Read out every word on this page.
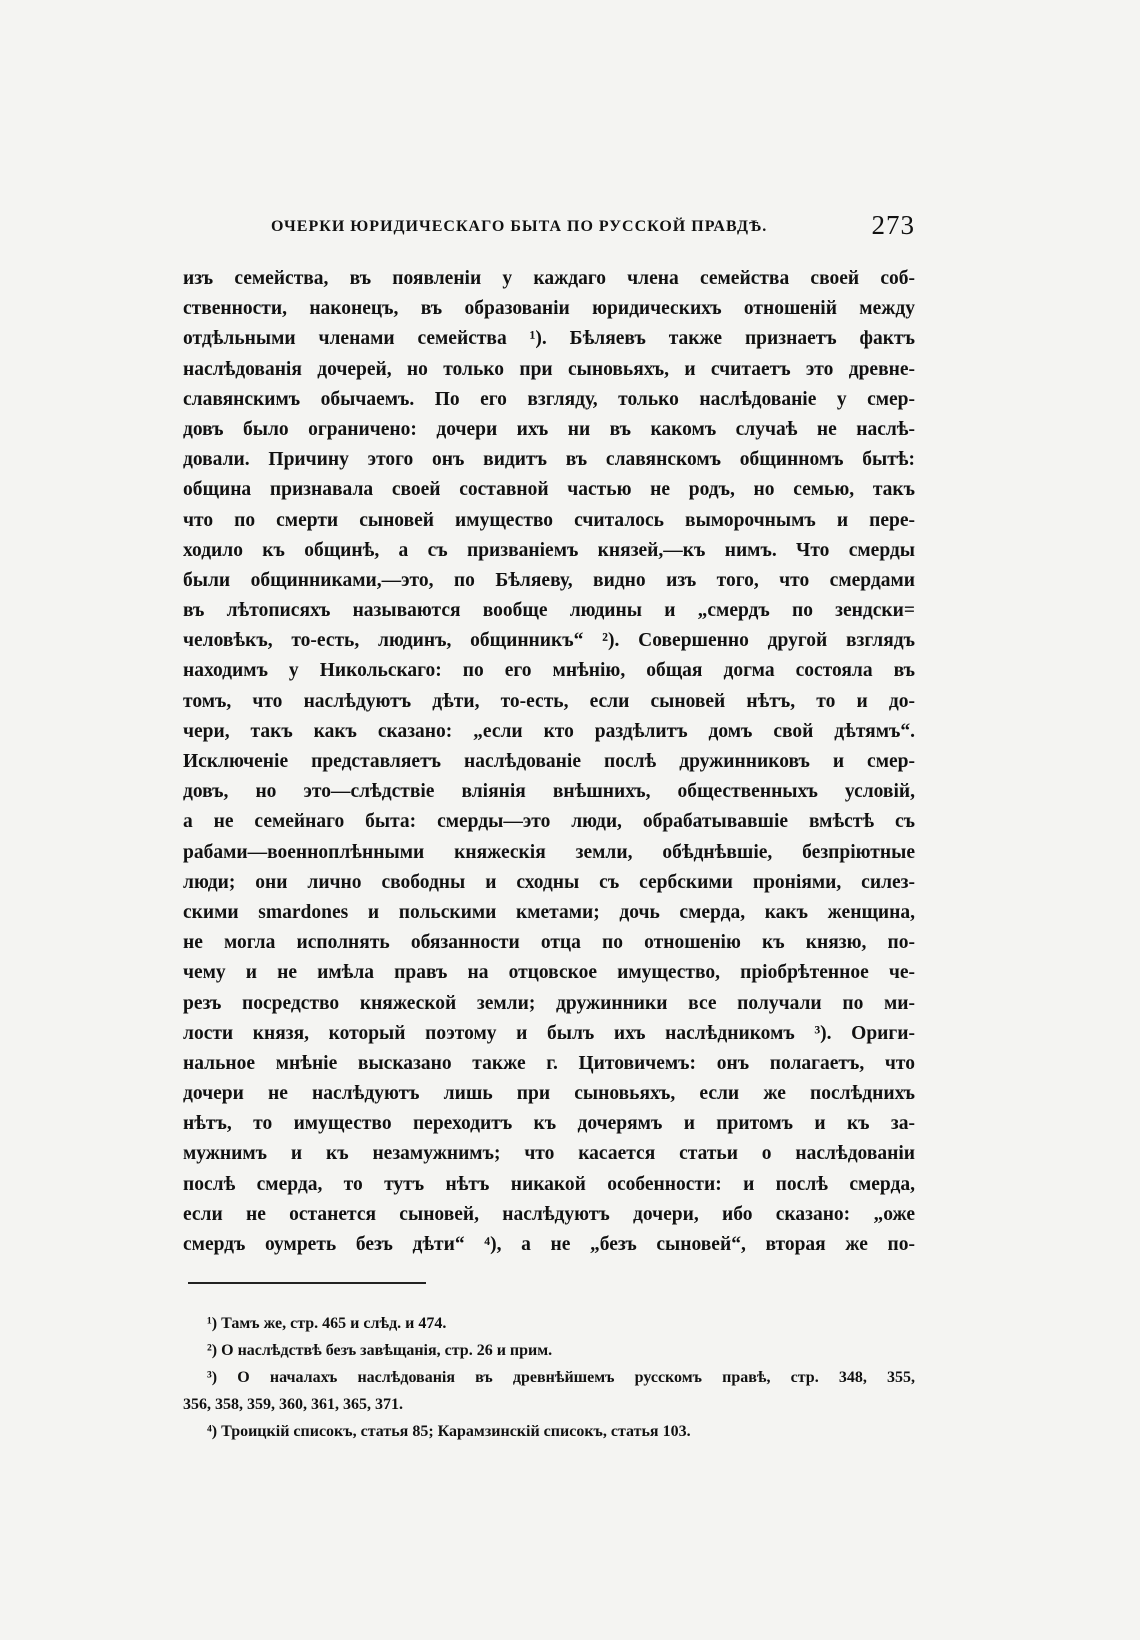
ОЧЕРКИ ЮРИДИЧЕСКАГО БЫТА ПО РУССКОЙ ПРАВДѢ.	273
изъ семейства, въ появленіи у каждаго члена семейства своей соб-
ственности, наконецъ, въ образованіи юридическихъ отношеній между
отдѣльными членами семейства ¹). Бѣляевъ также признаетъ фактъ
наслѣдованія дочерей, но только при сыновьяхъ, и считаетъ это древне-
славянскимъ обычаемъ. По его взгляду, только наслѣдованіе у смер-
довъ было ограничено: дочери ихъ ни въ какомъ случаѣ не наслѣ-
довали. Причину этого онъ видитъ въ славянскомъ общинномъ бытѣ:
община признавала своей составной частью не родъ, но семью, такъ
что по смерти сыновей имущество считалось выморочнымъ и пере-
ходило къ общинѣ, а съ призваніемъ князей,—къ нимъ. Что смерды
были общинниками,—это, по Бѣляеву, видно изъ того, что смердами
въ лѣтописяхъ называются вообще людины и „смердъ по зендски=
человѣкъ, то-есть, людинъ, общинникъ“ ²). Совершенно другой взглядъ
находимъ у Никольскаго: по его мнѣнію, общая догма состояла въ
томъ, что наслѣдуютъ дѣти, то-есть, если сыновей нѣтъ, то и до-
чери, такъ какъ сказано: „если кто раздѣлитъ домъ свой дѣтямъ“.
Исключеніе представляетъ наслѣдованіе послѣ дружинниковъ и смер-
довъ, но это—слѣдствіе вліянія внѣшнихъ, общественныхъ условій,
а не семейнаго быта: смерды—это люди, обрабатывавшіе вмѣстѣ съ
рабами—военноплѣнными княжескія земли, обѣднѣвшіе, безпріютные
люди; они лично свободны и сходны съ сербскими проніями, силез-
скими smardones и польскими кметами; дочь смерда, какъ женщина,
не могла исполнять обязанности отца по отношенію къ князю, по-
чему и не имѣла правъ на отцовское имущество, пріобрѣтенное че-
резъ посредство княжеской земли; дружинники все получали по ми-
лости князя, который поэтому и былъ ихъ наслѣдникомъ ³). Ориги-
нальное мнѣніе высказано также г. Цитовичемъ: онъ полагаетъ, что
дочери не наслѣдуютъ лишь при сыновьяхъ, если же послѣднихъ
нѣтъ, то имущество переходитъ къ дочерямъ и притомъ и къ за-
мужнимъ и къ незамужнимъ; что касается статьи о наслѣдованіи
послѣ смерда, то тутъ нѣтъ никакой особенности: и послѣ смерда,
если не останется сыновей, наслѣдуютъ дочери, ибо сказано: „оже
смердъ оумреть безъ дѣти“ ⁴), а не „безъ сыновей“, вторая же по-
¹) Тамъ же, стр. 465 и слѣд. и 474.
²) О наслѣдствѣ безъ завѣщанія, стр. 26 и прим.
³) О началахъ наслѣдованія въ древнѣйшемъ русскомъ правѣ, стр. 348, 355,
356, 358, 359, 360, 361, 365, 371.
⁴) Троицкій списокъ, статья 85; Карамзинскій списокъ, статья 103.
